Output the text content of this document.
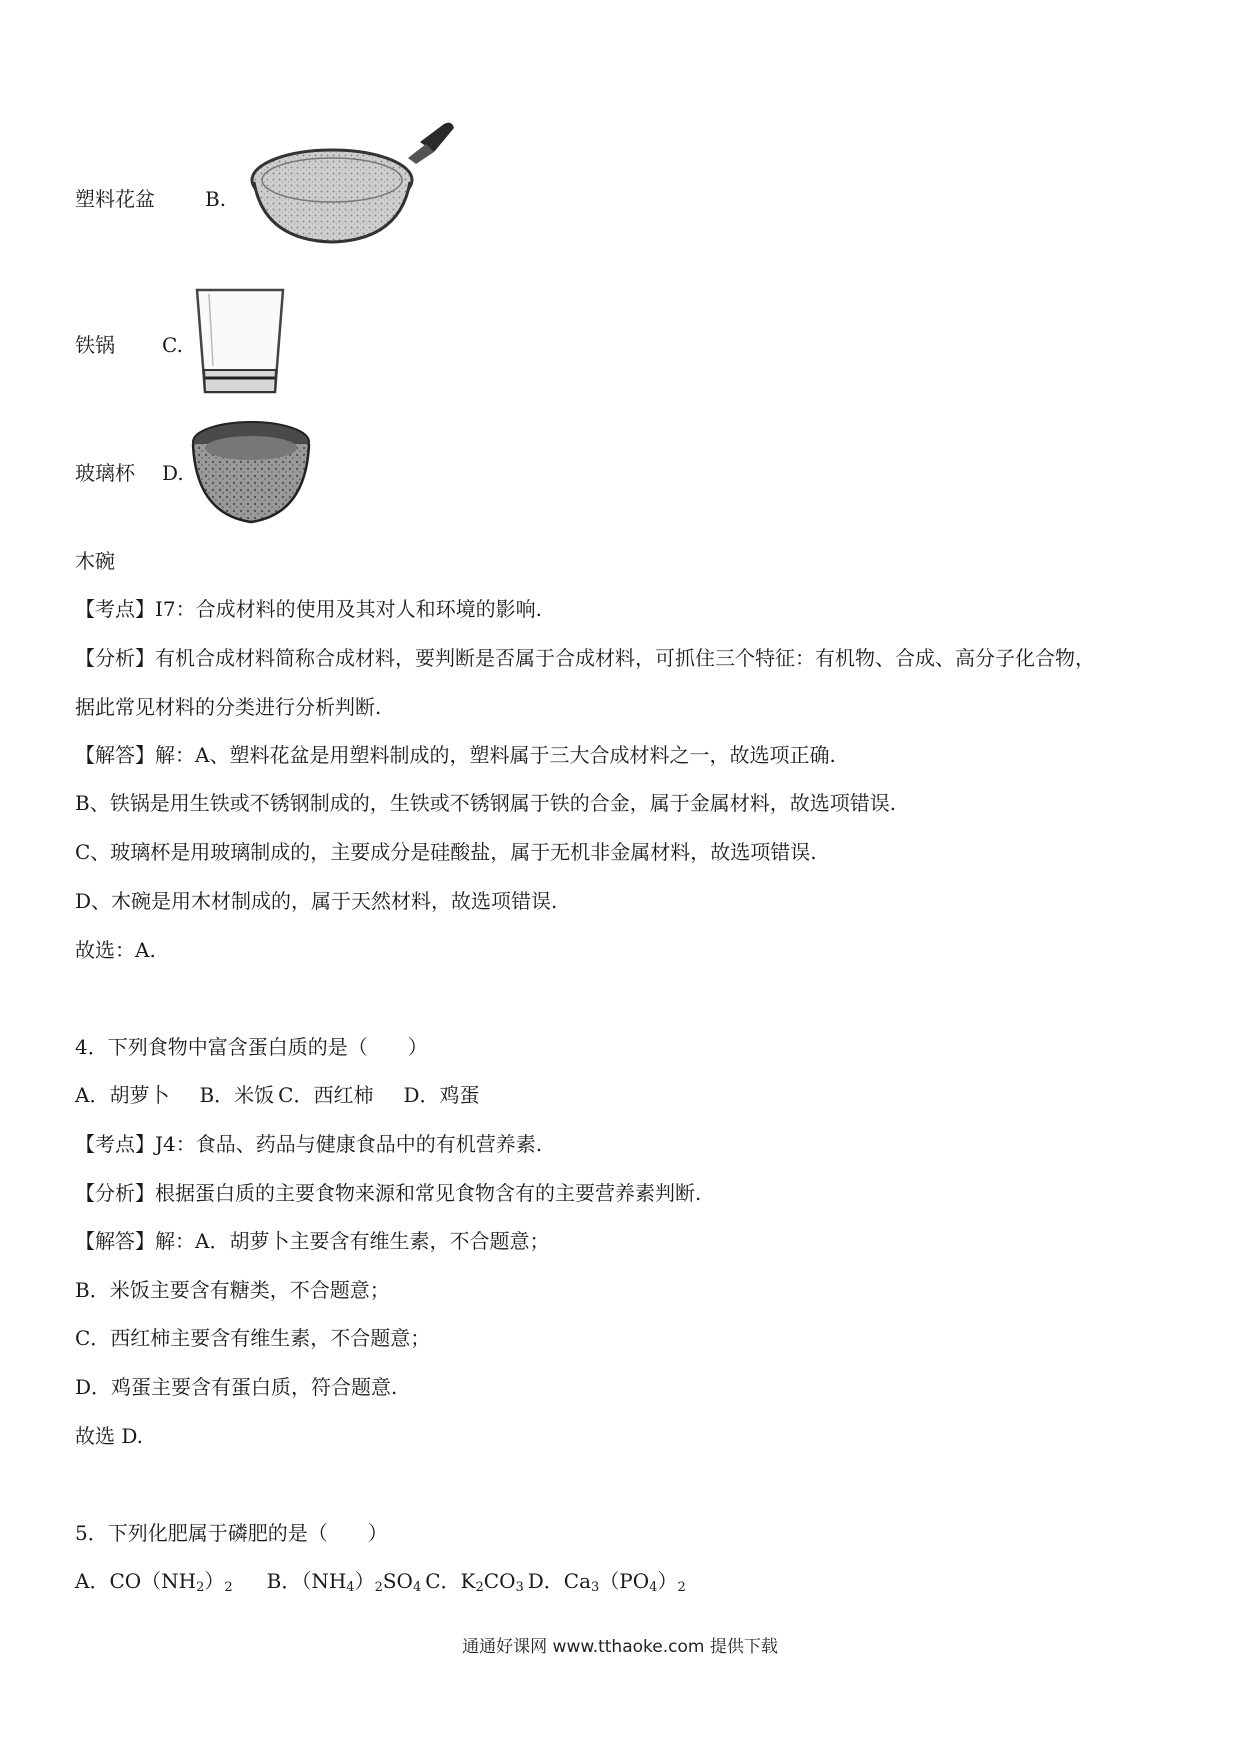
塑料花盆	B.
铁锅 C.
玻璃杯 D.
木碗
【考点】I7：合成材料的使用及其对人和环境的影响.
【分析】有机合成材料简称合成材料，要判断是否属于合成材料，可抓住三个特征：有机物、合成、高分子化合物，
据此常见材料的分类进行分析判断.
【解答】解：A、塑料花盆是用塑料制成的，塑料属于三大合成材料之一，故选项正确.
B、铁锅是用生铁或不锈钢制成的，生铁或不锈钢属于铁的合金，属于金属材料，故选项错误.
C、玻璃杯是用玻璃制成的，主要成分是硅酸盐，属于无机非金属材料，故选项错误.
D、木碗是用木材制成的，属于天然材料，故选项错误.
故选：A.
4．下列食物中富含蛋白质的是（　　）
A．胡萝卜 B．米饭 C．西红柿 D．鸡蛋
【考点】J4：食品、药品与健康食品中的有机营养素.
【分析】根据蛋白质的主要食物来源和常见食物含有的主要营养素判断.
【解答】解：A．胡萝卜主要含有维生素，不合题意；
B．米饭主要含有糖类，不合题意；
C．西红柿主要含有维生素，不合题意；
D．鸡蛋主要含有蛋白质，符合题意.
故选 D.
5．下列化肥属于磷肥的是（　　）
A．$CO(NH_2)_2$ B．$(NH_4)_2SO_4$ C．$K_2CO_3$ D．$Ca_3(PO_4)_2$
通通好课网 www.tthaoke.com 提供下载
